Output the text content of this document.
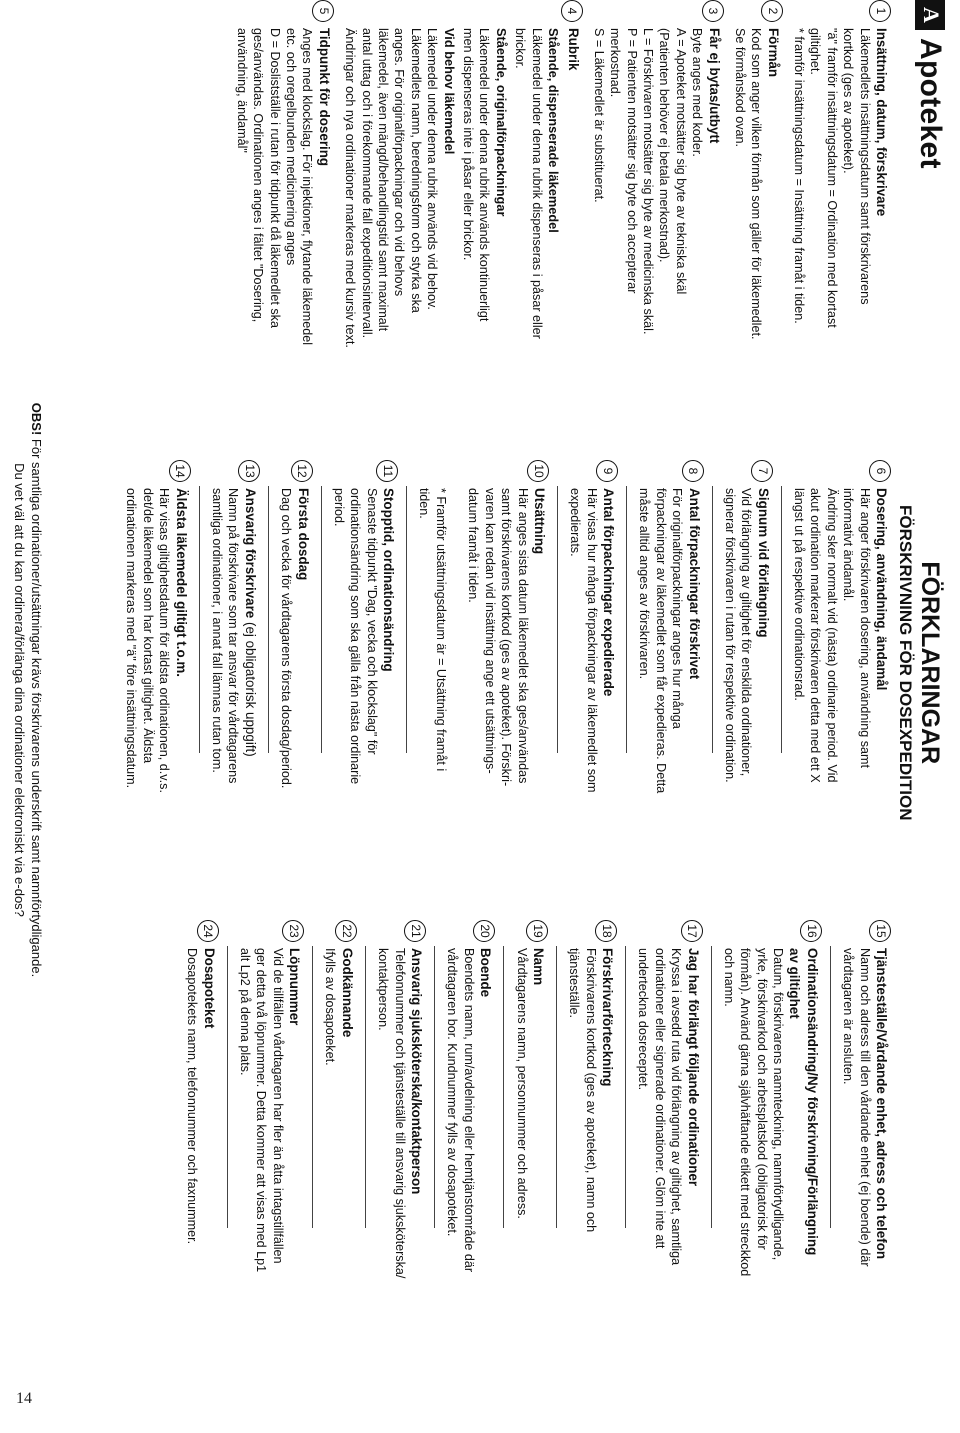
A
Apoteket
FÖRKLARINGAR
FÖRSKRIVNING FÖR DOSEXPEDITION
1
Insättning, datum, förskrivare
Läkemedlets insättningsdatum samt förskrivarens
kortkod (ges av apoteket).
"ä" framför insättningsdatum = Ordination med kortast
giltighet.
* framför insättningsdatum = Insättning framåt i tiden.
2
Förmån
Kod som anger vilken förmån som gäller för läkemedlet.
Se förmånskod ovan.
3
Får ej bytas/utbytt
Byte anges med koder.
A = Apoteket motsätter sig byte av tekniska skäl
(Patienten behöver ej betala merkostnad).
L = Förskrivaren motsätter sig byte av medicinska skäl.
P = Patienten motsätter sig byte och accepterar
merkostnad.
S = Läkemedlet är substituerat.
4
Rubrik
Stående, dispenserade läkemedel
Läkemedel under denna rubrik dispenseras i påsar eller
brickor.
Stående, originalförpackningar
Läkemedel under denna rubrik används kontinuerligt
men dispenseras inte i påsar eller brickor.
Vid behov läkemedel
Läkemedel under denna rubrik används vid behov.
Läkemedlets namn, beredningsform och styrka ska
anges. För originalförpackningar och vid behovs
läkemedel, även mängd/behandlingstid samt maximalt
antal uttag och i förekommande fall expeditionsintervall.
Ändringar och nya ordinationer markeras med kursiv text.
5
Tidpunkt för dosering
Anges med klockslag. För injektioner, flytande läkemedel
etc. och oregelbunden medicinering anges
D = Doslistställe i rutan för tidpunkt då läkemedlet ska
ges/användas. Ordinationen anges i fältet "Dosering,
användning, ändamål"
6
Dosering, användning, ändamål
Här anger förskrivaren dosering, användning samt
informativt ändamål.
Ändring sker normalt vid (nästa) ordinarie period. Vid
akut ordination markerar förskrivaren detta med ett X
längst ut på respektive ordinationsrad.
7
Signum vid förlängning
Vid förlängning av giltighet för enskilda ordinationer,
signerar förskrivaren i rutan för respektive ordination.
8
Antal förpackningar förskrivet
För originalförpackningar anges hur många
förpackningar av läkemedlet som får expedieras. Detta
måste alltid anges av förskrivaren.
9
Antal förpackningar expedierade
Här visas hur många förpackningar av läkemedlet som
expedierats.
10
Utsättning
Här anges sista datum läkemedlet ska ges/användas
samt förskrivarens kortkod (ges av apoteket). Förskri-
varen kan redan vid insättning ange ett utsättnings-
datum framåt i tiden.

* Framför utsättningsdatum är = Utsättning framåt i
tiden.
11
Stopptid, ordinationsändring
Senaste tidpunkt "Dag, vecka och klockslag" för
ordinationsändring som ska gälla från nästa ordinarie
period.
12
Första dosdag
Dag och vecka för vårdtagarens första dosdag/period.
13
Ansvarig förskrivare (ej obligatorisk uppgift)
Namn på förskrivare som tar ansvar för vårdtagarens
samtliga ordinationer, i annat fall lämnas rutan tom.
14
Äldsta läkemedel giltigt t.o.m.
Här visas giltighetsdatum för äldsta ordinationen, d.v.s.
det/de läkemedel som har kortast giltighet. Äldsta
ordinationen markeras med "ä" före insättningsdatum.
15
Tjänsteställe/Vårdande enhet, adress och telefon
Namn och adress till den vårdande enhet (ej boende) där
vårdtagaren är ansluten.
16
Ordinationsändring/Ny förskrivning/Förlängning
av giltighet
Datum, förskrivarens namnteckning, namnförtydligande,
yrke, förskrivarkod och arbetsplatskod (obligatorisk för
förmån). Använd gärna självhäftande etikett med streckkod
och namn.
17
Jag har förlängt följande ordinationer
Kryssa i avsedd ruta vid förlängning av giltighet, samtliga
ordinationer eller signerade ordinationer. Glöm inte att
underteckna dosreceptet.
18
Förskrivarförteckning
Förskrivarens kortkod (ges av apoteket), namn och
tjänsteställe.
19
Namn
Vårdtagarens namn, personnummer och adress.
20
Boende
Boendets namn, rum/avdelning eller hemtjänstområde där
vårdtagaren bor. Kundnummer fylls av dosapoteket.
21
Ansvarig sjuksköterska/kontaktperson
Telefonnummer och tjänsteställe till ansvarig sjuksköterska/
kontaktperson.
22
Godkännande
Ifylls av dosapoteket.
23
Löpnummer
Vid de tillfällen vårdtagaren har fler än åtta intagstillfällen
ger detta två löpnummer. Detta kommer att visas med Lp1
alt Lp2 på denna plats.
24
Dosapoteket
Dosapotekets namn, telefonnummer och faxnummer.
OBS! För samtliga ordinationer/utsättningar krävs förskrivarens underskrift samt namnförtydligande.
Du vet väl att du kan ordinera/förlänga dina ordinationer elektroniskt via e-dos?
14
